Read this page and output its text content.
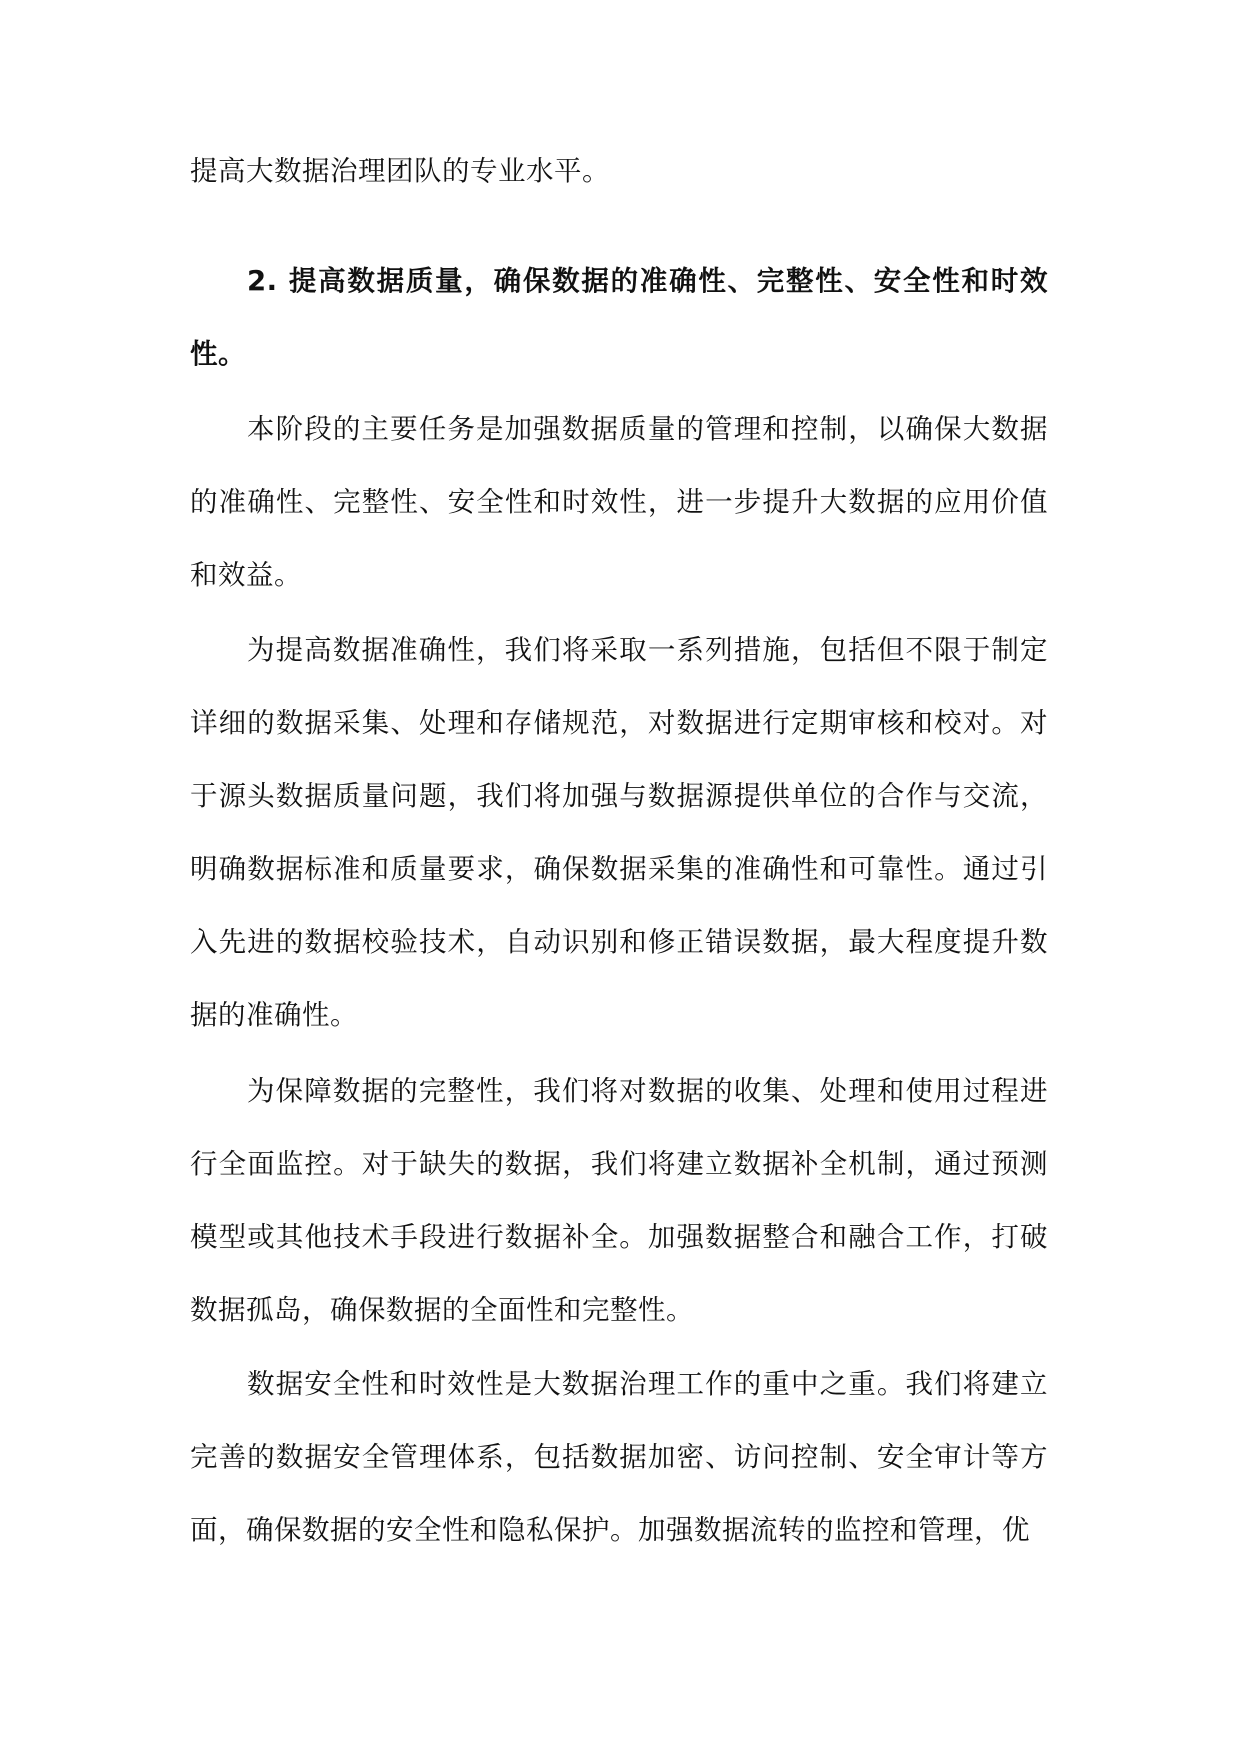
提高大数据治理团队的专业水平。

2. 提高数据质量，确保数据的准确性、完整性、安全性和时效性。

本阶段的主要任务是加强数据质量的管理和控制，以确保大数据的准确性、完整性、安全性和时效性，进一步提升大数据的应用价值和效益。

为提高数据准确性，我们将采取一系列措施，包括但不限于制定详细的数据采集、处理和存储规范，对数据进行定期审核和校对。对于源头数据质量问题，我们将加强与数据源提供单位的合作与交流，明确数据标准和质量要求，确保数据采集的准确性和可靠性。通过引入先进的数据校验技术，自动识别和修正错误数据，最大程度提升数据的准确性。

为保障数据的完整性，我们将对数据的收集、处理和使用过程进行全面监控。对于缺失的数据，我们将建立数据补全机制，通过预测模型或其他技术手段进行数据补全。加强数据整合和融合工作，打破数据孤岛，确保数据的全面性和完整性。

数据安全性和时效性是大数据治理工作的重中之重。我们将建立完善的数据安全管理体系，包括数据加密、访问控制、安全审计等方面，确保数据的安全性和隐私保护。加强数据流转的监控和管理，优
